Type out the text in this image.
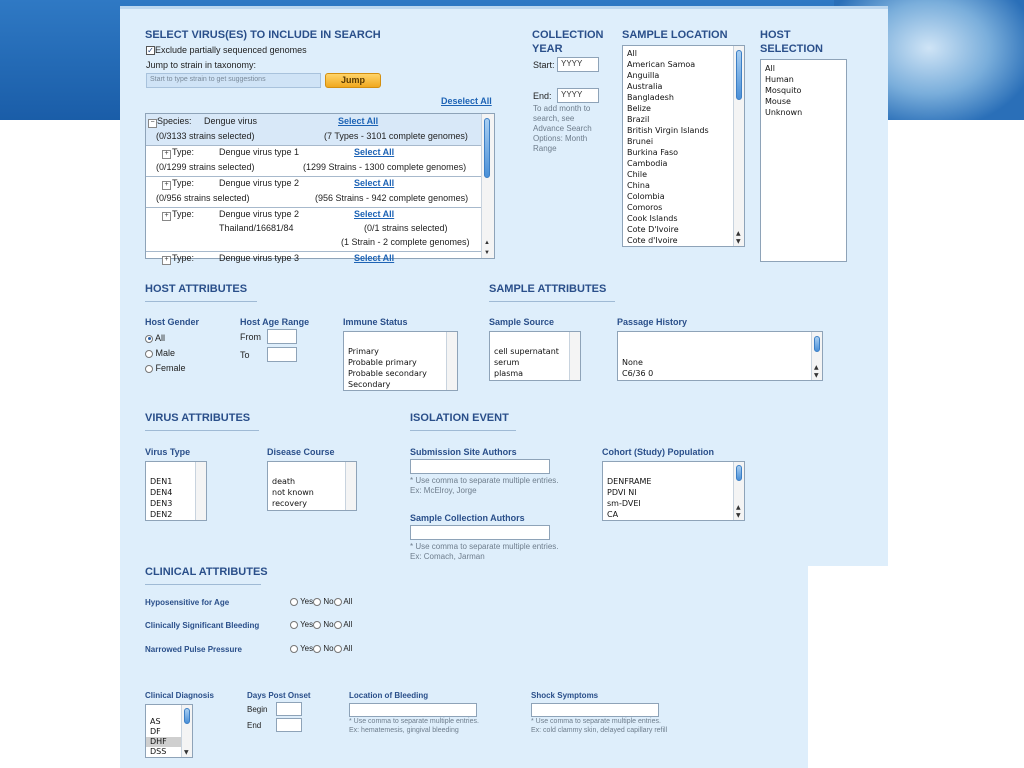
SELECT VIRUS(ES) TO INCLUDE IN SEARCH
✓Exclude partially sequenced genomes
Jump to strain in taxonomy:
Start to type strain to get suggestions	Jump
Deselect All
− Species: Dengue virus	Select All
(0/3133 strains selected)	(7 Types - 3101 complete genomes)
+ Type:	Dengue virus type 1	Select All
(0/1299 strains selected)	(1299 Strains - 1300 complete genomes)
+ Type:	Dengue virus type 2	Select All
(0/956 strains selected)	(956 Strains - 942 complete genomes)
+ Type:	Dengue virus type 2	Select All
Thailand/16681/84	(0/1 strains selected)
(1 Strain - 2 complete genomes)
+ Type:	Dengue virus type 3	Select All
▲
▼
COLLECTION
YEAR
Start: YYYY
End:	YYYY
To add month to
search, see
Advance Search
Options: Month
Range
SAMPLE LOCATION
All
American Samoa
Anguilla
Australia
Bangladesh
Belize
Brazil
British Virgin Islands
Brunei
Burkina Faso
Cambodia
Chile
China
Colombia
Comoros
Cook Islands
Cote D'Ivoire
Cote d'Ivoire
▲
▼
HOST
SELECTION
All
Human
Mosquito
Mouse
Unknown
HOST ATTRIBUTES
Host Gender
All
Male
Female
Host Age Range
From
To
Immune Status
Primary
Probable primary
Probable secondary
Secondary
SAMPLE ATTRIBUTES
Sample Source
cell supernatant
serum
plasma
Passage History
None
C6/36 0
▲
▼
VIRUS ATTRIBUTES
Virus Type
DEN1
DEN4
DEN3
DEN2
Disease Course
death
not known
recovery
ISOLATION EVENT
Submission Site Authors
* Use comma to separate multiple entries.
Ex: McElroy, Jorge
Sample Collection Authors
* Use comma to separate multiple entries.
Ex: Comach, Jarman
Cohort (Study) Population
DENFRAME
PDVI NI
sm-DVEI
CA
▲
▼
CLINICAL ATTRIBUTES
Hyposensitive for Age	Yes No All
Clinically Significant Bleeding	Yes No All
Narrowed Pulse Pressure	Yes No All
Clinical Diagnosis
AS
DF
DHF
DSS	▼
Days Post Onset
Begin
End
Location of Bleeding
* Use comma to separate multiple entries.
Ex: hematemesis, gingival bleeding
Shock Symptoms
* Use comma to separate multiple entries.
Ex: cold clammy skin, delayed capillary refill
